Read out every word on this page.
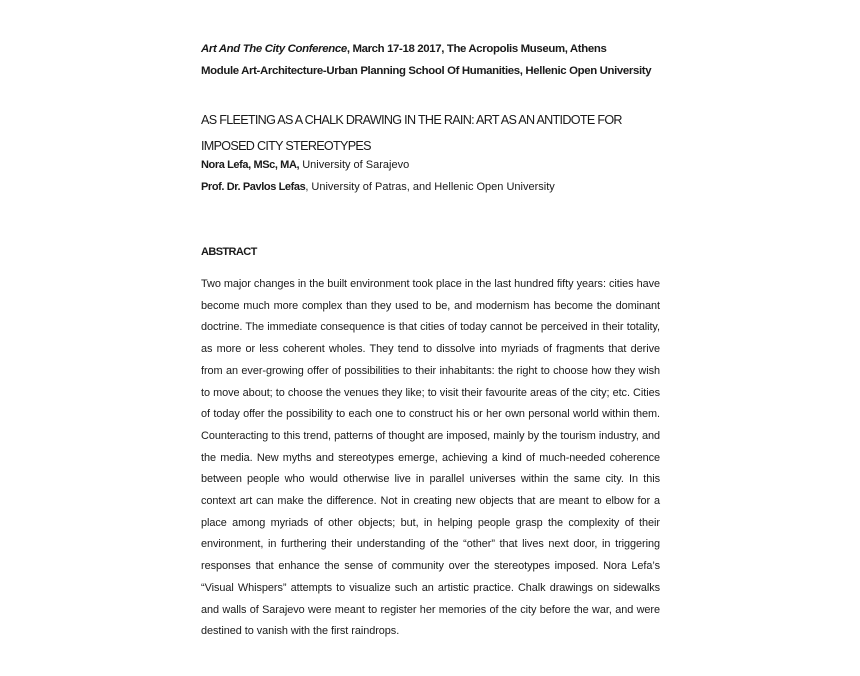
Art And The City Conference, March 17-18 2017, The Acropolis Museum, Athens
Module Art-Architecture-Urban Planning School Of Humanities, Hellenic Open University
AS FLEETING AS A CHALK DRAWING IN THE RAIN: ART AS AN ANTIDOTE FOR IMPOSED CITY STEREOTYPES
Nora Lefa, MSc, MA, University of Sarajevo
Prof. Dr. Pavlos Lefas, University of Patras, and Hellenic Open University
ABSTRACT

Two major changes in the built environment took place in the last hundred fifty years: cities have become much more complex than they used to be, and modernism has become the dominant doctrine. The immediate consequence is that cities of today cannot be perceived in their totality, as more or less coherent wholes. They tend to dissolve into myriads of fragments that derive from an ever-growing offer of possibilities to their inhabitants: the right to choose how they wish to move about; to choose the venues they like; to visit their favourite areas of the city; etc. Cities of today offer the possibility to each one to construct his or her own personal world within them. Counteracting to this trend, patterns of thought are imposed, mainly by the tourism industry, and the media. New myths and stereotypes emerge, achieving a kind of much-needed coherence between people who would otherwise live in parallel universes within the same city. In this context art can make the difference. Not in creating new objects that are meant to elbow for a place among myriads of other objects; but, in helping people grasp the complexity of their environment, in furthering their understanding of the “other” that lives next door, in triggering responses that enhance the sense of community over the stereotypes imposed. Nora Lefa’s “Visual Whispers” attempts to visualize such an artistic practice. Chalk drawings on sidewalks and walls of Sarajevo were meant to register her memories of the city before the war, and were destined to vanish with the first raindrops.
